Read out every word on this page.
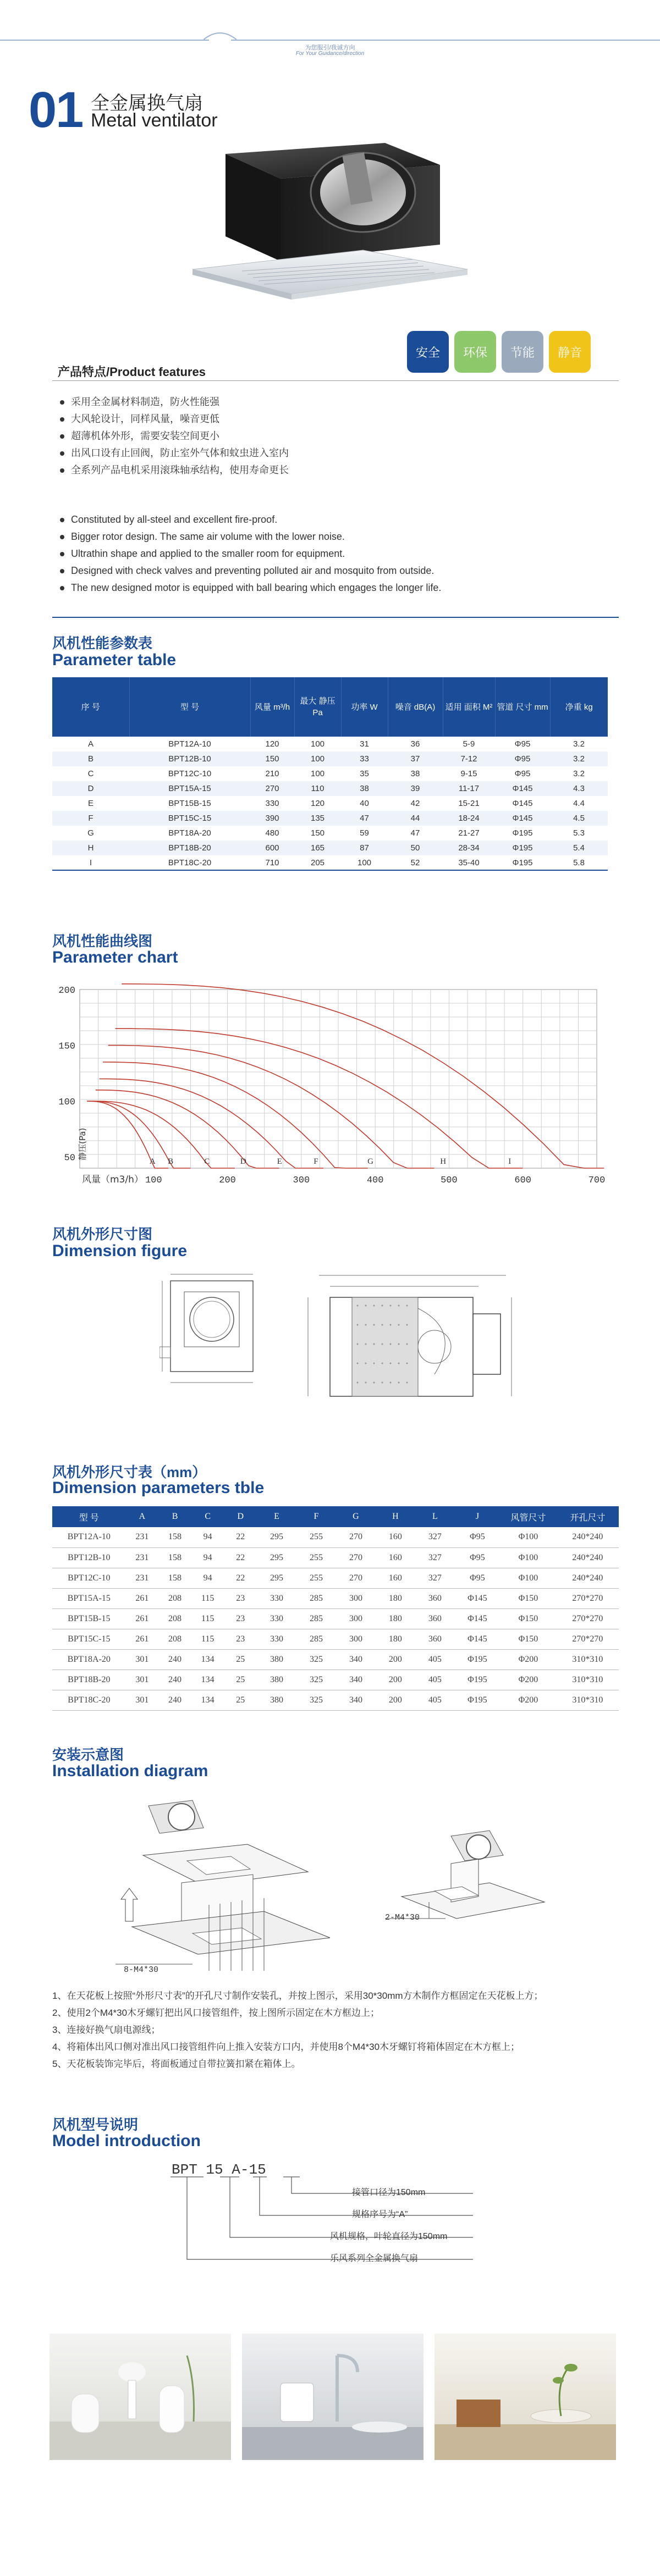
为您服引/我诚方向
For Your Guidance/direction
01 全金属换气扇
Metal ventilator
安全	环保	节能	静音
产品特点/Product features
采用全金属材料制造，防火性能强
大风轮设计，同样风量，噪音更低
超薄机体外形，需要安装空间更小
出风口设有止回阀，防止室外气体和蚊虫进入室内
全系列产品电机采用滚珠轴承结构，使用寿命更长
Constituted by all-steel and excellent fire-proof.
Bigger rotor design. The same air volume with the lower noise.
Ultrathin shape and applied to the smaller room for equipment.
Designed with check valves and preventing polluted air and mosquito from outside.
The new designed motor is equipped with ball bearing which engages the longer life.
风机性能参数表
Parameter table
序 号	型 号	风量 m³/h	最大 静压 Pa	功率 W	噪音 dB(A)	适用 面积 M²	管道 尺寸 mm	净重 kg
A	BPT12A-10	120	100	31	36	5-9	Φ95	3.2
B	BPT12B-10	150	100	33	37	7-12	Φ95	3.2
C	BPT12C-10	210	100	35	38	9-15	Φ95	3.2
D	BPT15A-15	270	110	38	39	11-17	Φ145	4.3
E	BPT15B-15	330	120	40	42	15-21	Φ145	4.4
F	BPT15C-15	390	135	47	44	18-24	Φ145	4.5
G	BPT18A-20	480	150	59	47	21-27	Φ195	5.3
H	BPT18B-20	600	165	87	50	28-34	Φ195	5.4
I	BPT18C-20	710	205	100	52	35-40	Φ195	5.8
风机性能曲线图
Parameter chart
100	200	300	400	500	600	700
50
100
150
200
风量（m3/h）
静压(Pa)
A B	C	D	E	F	G	H	I
风机外形尺寸图
Dimension figure
风机外形尺寸表（mm）
Dimension parameters tble
型 号	A	B	C	D	E	F	G	H	L	J	风管尺寸	开孔尺寸
BPT12A-10	231	158	94	22	295	255	270	160	327	Φ95	Φ100	240*240
BPT12B-10	231	158	94	22	295	255	270	160	327	Φ95	Φ100	240*240
BPT12C-10	231	158	94	22	295	255	270	160	327	Φ95	Φ100	240*240
BPT15A-15	261	208	115	23	330	285	300	180	360	Φ145	Φ150	270*270
BPT15B-15	261	208	115	23	330	285	300	180	360	Φ145	Φ150	270*270
BPT15C-15	261	208	115	23	330	285	300	180	360	Φ145	Φ150	270*270
BPT18A-20	301	240	134	25	380	325	340	200	405	Φ195	Φ200	310*310
BPT18B-20	301	240	134	25	380	325	340	200	405	Φ195	Φ200	310*310
BPT18C-20	301	240	134	25	380	325	340	200	405	Φ195	Φ200	310*310
安装示意图
Installation diagram
8-M4*30
2-M4*30
1、在天花板上按照“外形尺寸表”的开孔尺寸制作安装孔，并按上图示，采用30*30mm方木制作方框固定在天花板上方；
2、使用2个M4*30木牙螺钉把出风口接管组件，按上图所示固定在木方框边上；
3、连接好换气扇电源线；
4、将箱体出风口侧对准出风口接管组件向上推入安装方口内，并使用8个M4*30木牙螺钉将箱体固定在木方框上；
5、天花板装饰完毕后，将面板通过自带拉簧扣紧在箱体上。
风机型号说明
Model introduction
BPT 15 A-15
接管口径为150mm
规格序号为“A”
风机规格，叶轮直径为150mm
乐风系列全金属换气扇
